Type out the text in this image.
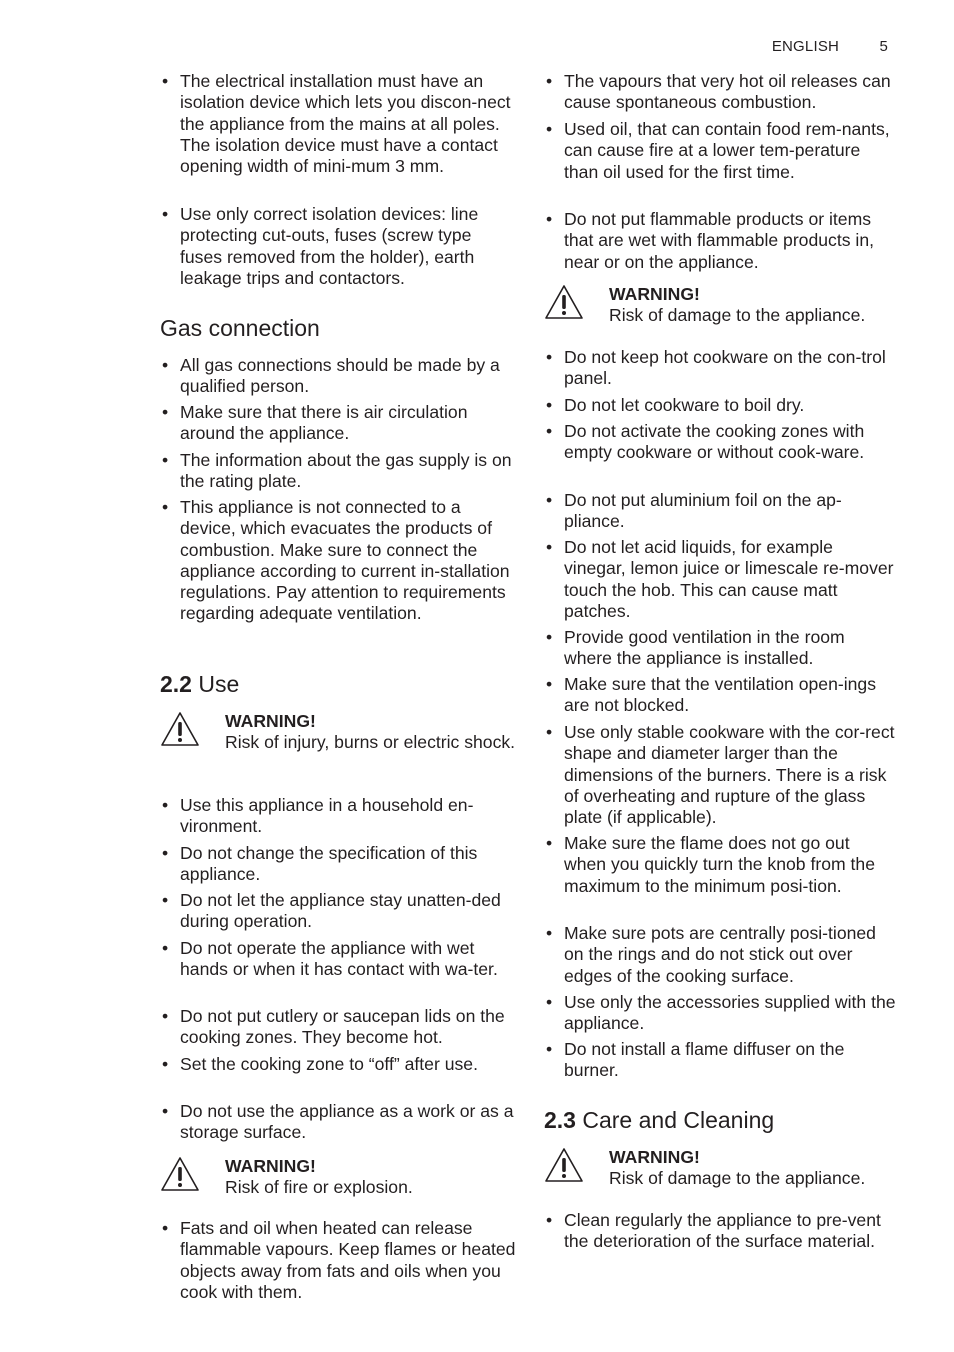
ENGLISH	5
• The electrical installation must have an isolation device which lets you discon-nect the appliance from the mains at all poles. The isolation device must have a contact opening width of mini-mum 3 mm.
• Use only correct isolation devices: line protecting cut-outs, fuses (screw type fuses removed from the holder), earth leakage trips and contactors.
Gas connection
• All gas connections should be made by a qualified person.
• Make sure that there is air circulation around the appliance.
• The information about the gas supply is on the rating plate.
• This appliance is not connected to a device, which evacuates the products of combustion. Make sure to connect the appliance according to current in-stallation regulations. Pay attention to requirements regarding adequate ventilation.
2.2 Use
WARNING!
Risk of injury, burns or electric shock.
• Use this appliance in a household en-vironment.
• Do not change the specification of this appliance.
• Do not let the appliance stay unatten-ded during operation.
• Do not operate the appliance with wet hands or when it has contact with wa-ter.
• Do not put cutlery or saucepan lids on the cooking zones. They become hot.
• Set the cooking zone to “off” after use.
• Do not use the appliance as a work or as a storage surface.
WARNING!
Risk of fire or explosion.
• Fats and oil when heated can release flammable vapours. Keep flames or heated objects away from fats and oils when you cook with them.
• The vapours that very hot oil releases can cause spontaneous combustion.
• Used oil, that can contain food rem-nants, can cause fire at a lower tem-perature than oil used for the first time.
• Do not put flammable products or items that are wet with flammable products in, near or on the appliance.
WARNING!
Risk of damage to the appliance.
• Do not keep hot cookware on the con-trol panel.
• Do not let cookware to boil dry.
• Do not activate the cooking zones with empty cookware or without cook-ware.
• Do not put aluminium foil on the ap-pliance.
• Do not let acid liquids, for example vinegar, lemon juice or limescale re-mover touch the hob. This can cause matt patches.
• Provide good ventilation in the room where the appliance is installed.
• Make sure that the ventilation open-ings are not blocked.
• Use only stable cookware with the cor-rect shape and diameter larger than the dimensions of the burners. There is a risk of overheating and rupture of the glass plate (if applicable).
• Make sure the flame does not go out when you quickly turn the knob from the maximum to the minimum posi-tion.
• Make sure pots are centrally posi-tioned on the rings and do not stick out over edges of the cooking surface.
• Use only the accessories supplied with the appliance.
• Do not install a flame diffuser on the burner.
2.3 Care and Cleaning
WARNING!
Risk of damage to the appliance.
• Clean regularly the appliance to pre-vent the deterioration of the surface material.
